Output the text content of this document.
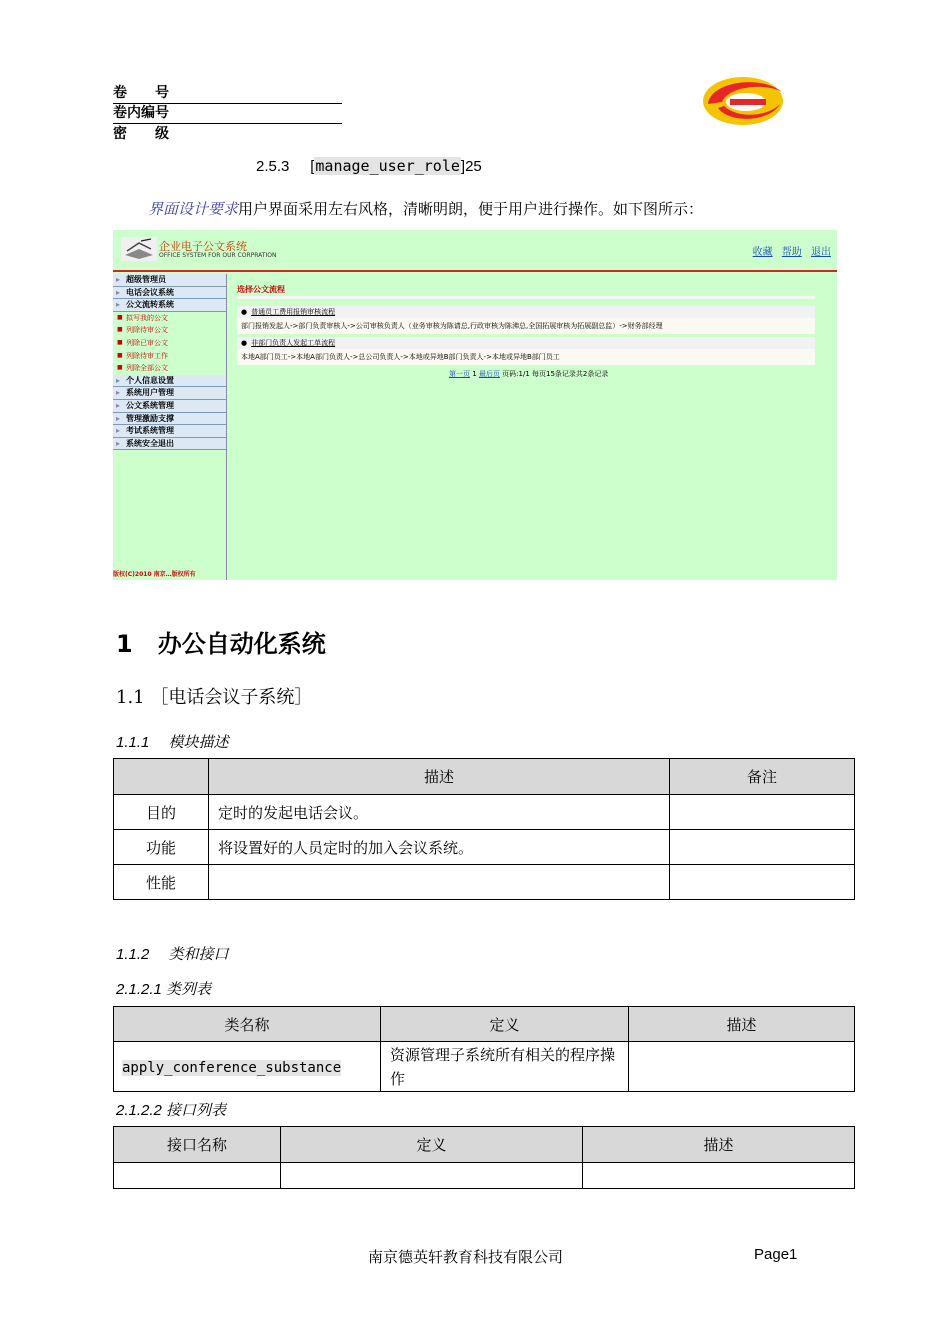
卷　　号
卷内编号
密　　级
2.5.3     [manage_user_role]25
界面设计要求用户界面采用左右风格，清晰明朗，便于用户进行操作。如下图所示：
企业电子公文系统
OFFICE SYSTEM FOR OUR CORPRATION	收藏 帮助 退出
▸ 超级管理员
▸ 电话会议系统
▸ 公文流转系统
■ 拟写我的公文
■ 列除待审公文
■ 列除已审公文
■ 列除待审工作
■ 列除全部公文
▸ 个人信息设置
▸ 系统用户管理
▸ 公文系统管理
▸ 管理激励支撑
▸ 考试系统管理
▸ 系统安全退出
版权(C)2010 南京…版权所有
选择公文流程
● 普通员工费用报销审核流程
部门报销发起人->部门负责审核人->公司审核负责人（业务审核为陈请总,行政审核为陈沸总,全国拓展审核为拓展副总监）->财务部经理
● 非部门负责人发起工单流程
本地A部门员工->本地A部门负责人->总公司负责人->本地或异地B部门负责人->本地或异地B部门员工
第一页 1 最后页 页码:1/1 每页15条记录共2条记录
1 办公自动化系统
1.1 ［电话会议子系统］
1.1.1　 模块描述
	描述	备注
目的	定时的发起电话会议。	
功能	将设置好的人员定时的加入会议系统。	
性能		
1.1.2　 类和接口
2.1.2.1 类列表
类名称	定义	描述
apply_conference_substance	资源管理子系统所有相关的程序操作	
2.1.2.2 接口列表
接口名称	定义	描述

南京德英轩教育科技有限公司	Page1
